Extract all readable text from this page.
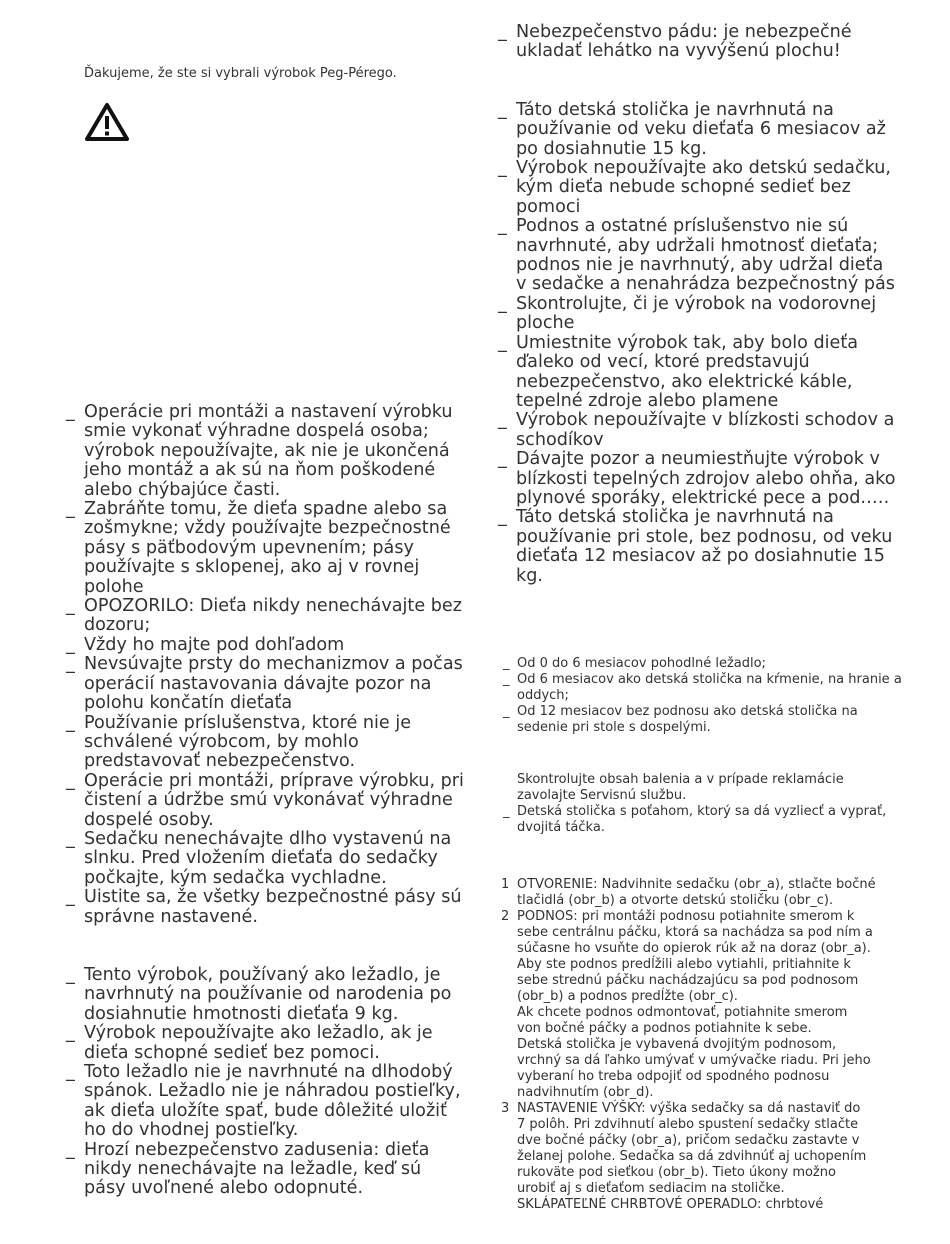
Ďakujeme, že ste si vybrali výrobok Peg-Pérego.
_ Operácie pri montáži a nastavení výrobku smie vykonať výhradne dospelá osoba; výrobok nepoužívajte, ak nie je ukončená jeho montáž a ak sú na ňom poškodené alebo chýbajúce časti.
_ Zabráňte tomu, že dieťa spadne alebo sa zošmykne; vždy používajte bezpečnostné pásy s päťbodovým upevnením; pásy používajte s sklopenej, ako aj v rovnej polohe
_ OPOZORILO: Dieťa nikdy nenechávajte bez dozoru;
_ Vždy ho majte pod dohľadom
_ Nevsúvajte prsty do mechanizmov a počas operácií nastavovania dávajte pozor na polohu končatín dieťaťa
_ Používanie príslušenstva, ktoré nie je schválené výrobcom, by mohlo predstavovať nebezpečenstvo.
_ Operácie pri montáži, príprave výrobku, pri čistení a údržbe smú vykonávať výhradne dospelé osoby.
_ Sedačku nenechávajte dlho vystavenú na slnku. Pred vložením dieťaťa do sedačky počkajte, kým sedačka vychladne.
_ Uistite sa, že všetky bezpečnostné pásy sú správne nastavené.
_ Tento výrobok, používaný ako ležadlo, je navrhnutý na používanie od narodenia po dosiahnutie hmotnosti dieťaťa 9 kg.
_ Výrobok nepoužívajte ako ležadlo, ak je dieťa schopné sedieť bez pomoci.
_ Toto ležadlo nie je navrhnuté na dlhodobý spánok. Ležadlo nie je náhradou postieľky, ak dieťa uložíte spať, bude dôležité uložiť ho do vhodnej postieľky.
_ Hrozí nebezpečenstvo zadusenia: dieťa nikdy nenechávajte na ležadle, keď sú pásy uvoľnené alebo odopnuté.
_ Nebezpečenstvo pádu: je nebezpečné ukladať lehátko na vyvýšenú plochu!
_ Táto detská stolička je navrhnutá na používanie od veku dieťaťa 6 mesiacov až po dosiahnutie 15 kg.
_ Výrobok nepoužívajte ako detskú sedačku, kým dieťa nebude schopné sedieť bez pomoci
_ Podnos a ostatné príslušenstvo nie sú navrhnuté, aby udržali hmotnosť dieťaťa; podnos nie je navrhnutý, aby udržal dieťa v sedačke a nenahrádza bezpečnostný pás
_ Skontrolujte, či je výrobok na vodorovnej ploche
_ Umiestnite výrobok tak, aby bolo dieťa ďaleko od vecí, ktoré predstavujú nebezpečenstvo, ako elektrické káble, tepelné zdroje alebo plamene
_ Výrobok nepoužívajte v blízkosti schodov a schodíkov
_ Dávajte pozor a neumiestňujte výrobok v blízkosti tepelných zdrojov alebo ohňa, ako plynové sporáky, elektrické pece a pod.….
_ Táto detská stolička je navrhnutá na používanie pri stole, bez podnosu, od veku dieťaťa 12 mesiacov až po dosiahnutie 15 kg.
_ Od 0 do 6 mesiacov pohodlné ležadlo;
_ Od 6 mesiacov ako detská stolička na kŕmenie, na hranie a oddych;
_ Od 12 mesiacov bez podnosu ako detská stolička na sedenie pri stole s dospelými.
Skontrolujte obsah balenia a v prípade reklamácie zavolajte Servisnú službu.
_ Detská stolička s poťahom, ktorý sa dá vyzliecť a vyprať, dvojitá táčka.
1 OTVORENIE: Nadvihnite sedačku (obr_a), stlačte bočné
tlačidlá (obr_b) a otvorte detskú stoličku (obr_c).
2 PODNOS: pri montáži podnosu potiahnite smerom k
sebe centrálnu páčku, ktorá sa nachádza sa pod ním a
súčasne ho vsuňte do opierok rúk až na doraz (obr_a).
Aby ste podnos predĺžili alebo vytiahli, pritiahnite k
sebe strednú páčku nachádzajúcu sa pod podnosom
(obr_b) a podnos predĺžte (obr_c).
Ak chcete podnos odmontovať, potiahnite smerom
von bočné páčky a podnos potiahnite k sebe.
Detská stolička je vybavená dvojitým podnosom,
vrchný sa dá ľahko umývať v umývačke riadu. Pri jeho
vyberaní ho treba odpojiť od spodného podnosu
nadvihnutím (obr_d).
3 NASTAVENIE VÝŠKY: výška sedačky sa dá nastaviť do
7 polôh. Pri zdvihnutí alebo spustení sedačky stlačte
dve bočné páčky (obr_a), pričom sedačku zastavte v
želanej polohe. Sedačka sa dá zdvihnúť aj uchopením
rukoväte pod sieťkou (obr_b). Tieto úkony možno
urobiť aj s dieťaťom sediacim na stoličke.
SKLÁPATEĽNÉ CHRBTOVÉ OPERADLO: chrbtové
